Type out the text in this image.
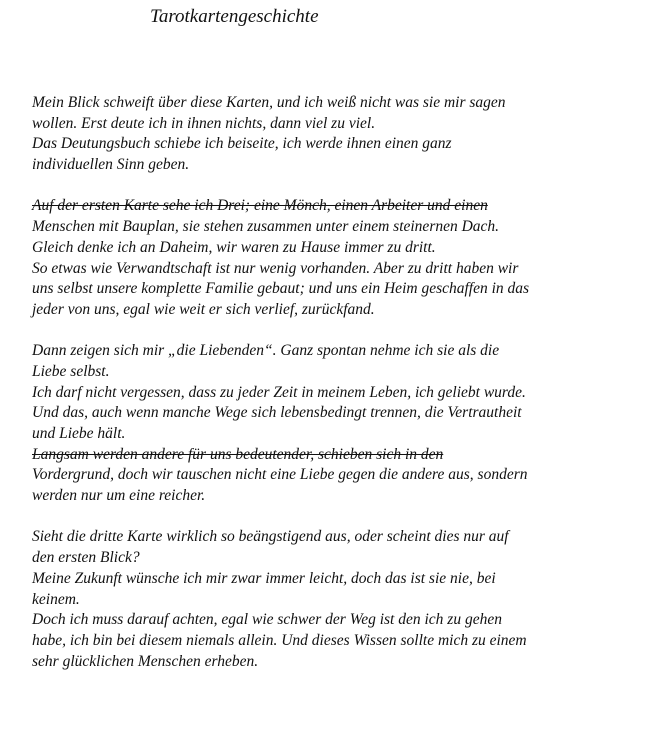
Tarotkartengeschichte
Mein Blick schweift über diese Karten, und ich weiß nicht was sie mir sagen
wollen. Erst deute ich in ihnen nichts, dann viel zu viel.
Das Deutungsbuch schiebe ich beiseite, ich werde ihnen einen ganz
individuellen Sinn geben.
Auf der ersten Karte sehe ich Drei; eine Mönch, einen Arbeiter und einen
Menschen mit Bauplan, sie stehen zusammen unter einem steinernen Dach.
Gleich denke ich an Daheim, wir waren zu Hause immer zu dritt.
So etwas wie Verwandtschaft ist nur wenig vorhanden. Aber zu dritt haben wir
uns selbst unsere komplette Familie gebaut; und uns ein Heim geschaffen in das
jeder von uns, egal wie weit er sich verlief, zurückfand.
Dann zeigen sich mir „die Liebenden“. Ganz spontan nehme ich sie als die
Liebe selbst.
Ich darf nicht vergessen, dass zu jeder Zeit in meinem Leben, ich geliebt wurde.
Und das, auch wenn manche Wege sich lebensbedingt trennen, die Vertrautheit
und Liebe hält.
Langsam werden andere für uns bedeutender, schieben sich in den
Vordergrund, doch wir tauschen nicht eine Liebe gegen die andere aus, sondern
werden nur um eine reicher.
Sieht die dritte Karte wirklich so beängstigend aus, oder scheint dies nur auf
den ersten Blick?
Meine Zukunft wünsche ich mir zwar immer leicht, doch das ist sie nie, bei
keinem.
Doch ich muss darauf achten, egal wie schwer der Weg ist den ich zu gehen
habe, ich bin bei diesem niemals allein. Und dieses Wissen sollte mich zu einem
sehr glücklichen Menschen erheben.
